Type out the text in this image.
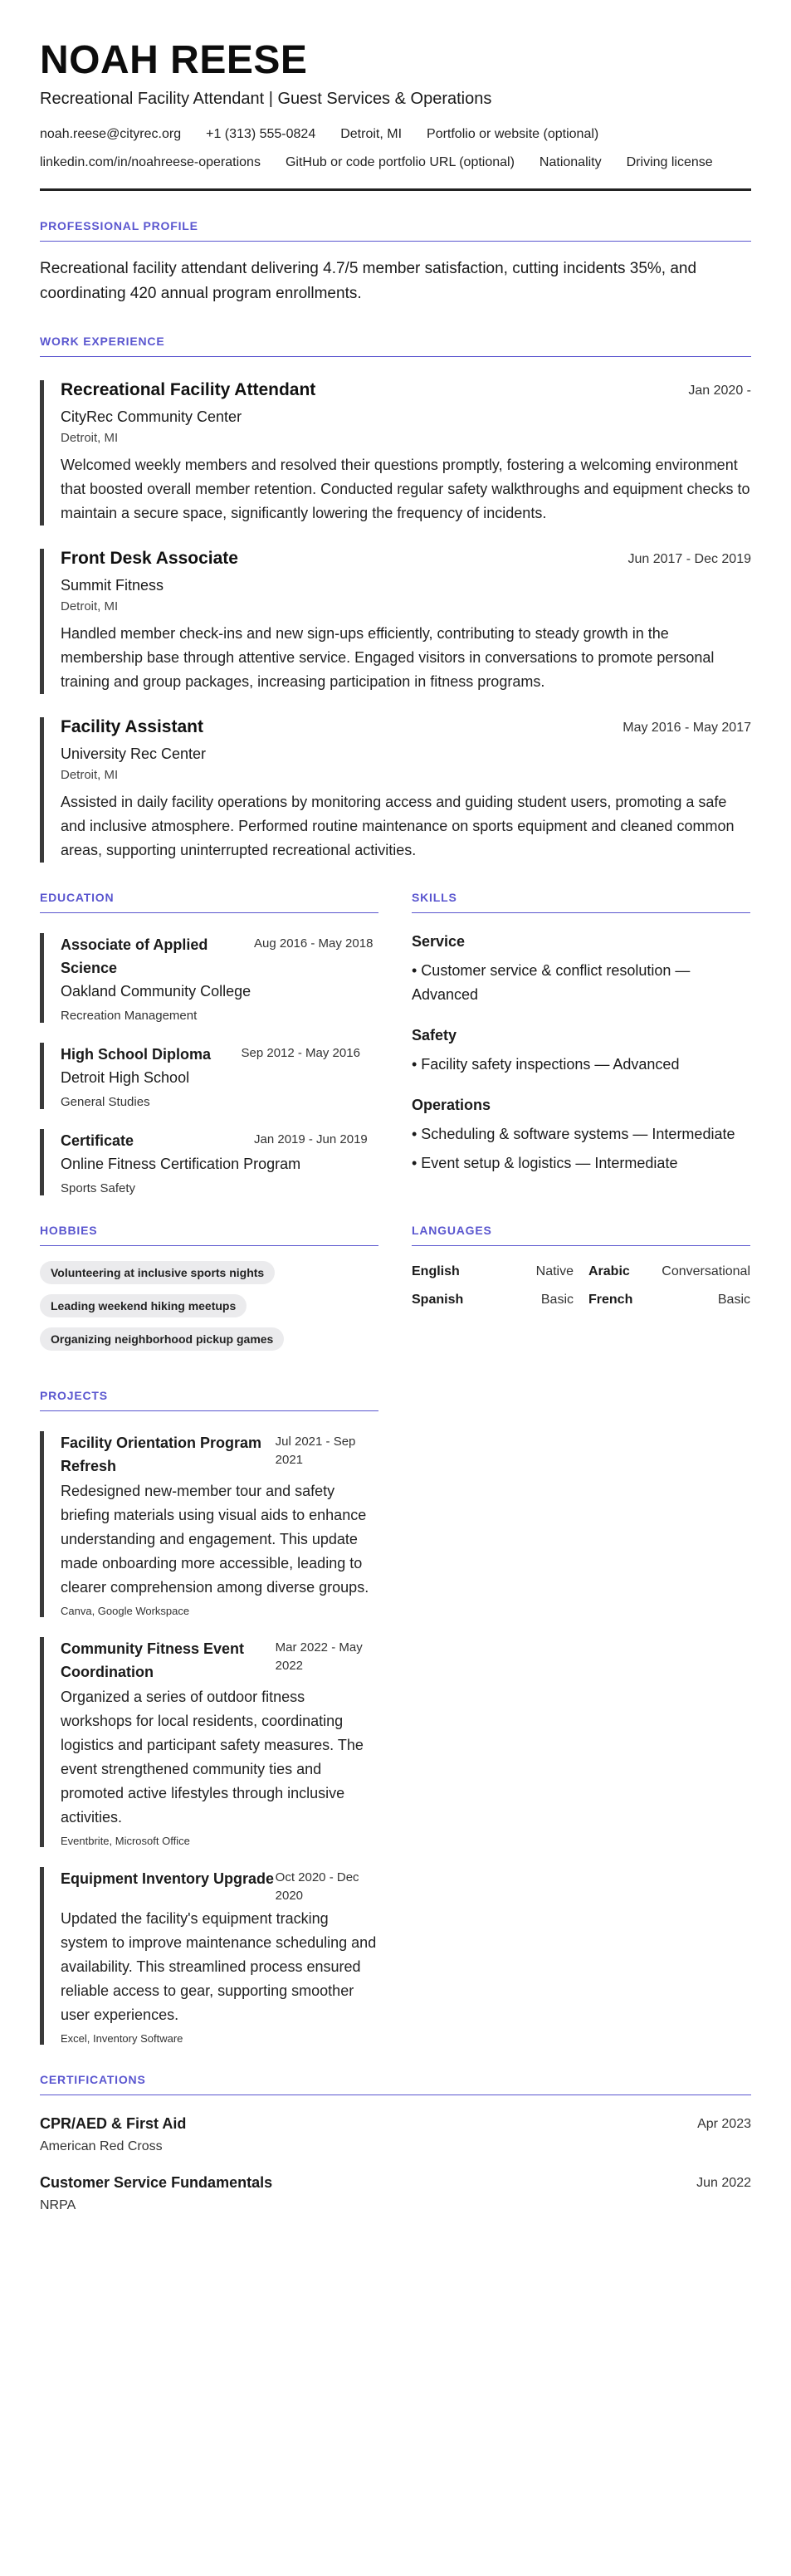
NOAH REESE
Recreational Facility Attendant | Guest Services & Operations
noah.reese@cityrec.org +1 (313) 555-0824 Detroit, MI Portfolio or website (optional)
linkedin.com/in/noahreese-operations GitHub or code portfolio URL (optional) Nationality Driving license
PROFESSIONAL PROFILE

Recreational facility attendant delivering 4.7/5 member satisfaction, cutting incidents 35%, and coordinating 420 annual program enrollments.

WORK EXPERIENCE
Recreational Facility Attendant	Jan 2020 -
CityRec Community Center
Detroit, MI

Welcomed weekly members and resolved their questions promptly, fostering a welcoming environment that boosted overall member retention. Conducted regular safety walkthroughs and equipment checks to maintain a secure space, significantly lowering the frequency of incidents.

Front Desk Associate	Jun 2017 - Dec 2019
Summit Fitness
Detroit, MI

Handled member check-ins and new sign-ups efficiently, contributing to steady growth in the membership base through attentive service. Engaged visitors in conversations to promote personal training and group packages, increasing participation in fitness programs.

Facility Assistant	May 2016 - May 2017
University Rec Center
Detroit, MI

Assisted in daily facility operations by monitoring access and guiding student users, promoting a safe and inclusive atmosphere. Performed routine maintenance on sports equipment and cleaned common areas, supporting uninterrupted recreational activities.

EDUCATION
Associate of Applied Science
Aug 2016 - May 2018
Oakland Community College
Recreation Management
High School Diploma	Sep 2012 - May 2016
Detroit High School
General Studies
Certificate	Jan 2019 - Jun 2019
Online Fitness Certification Program
Sports Safety
SKILLS
Service
• Customer service & conflict resolution — Advanced
Safety
• Facility safety inspections — Advanced
Operations
• Scheduling & software systems — Intermediate
• Event setup & logistics — Intermediate
HOBBIES
Volunteering at inclusive sports nights
Leading weekend hiking meetups
Organizing neighborhood pickup games
LANGUAGES
English	Native Arabic Conversational
Spanish	Basic French	Basic
PROJECTS
Facility Orientation Program Refresh
Jul 2021 - Sep 2021

Redesigned new-member tour and safety briefing materials using visual aids to enhance understanding and engagement. This update made onboarding more accessible, leading to clearer comprehension among diverse groups.

Canva, Google Workspace
Community Fitness Event Coordination
Mar 2022 - May 2022

Organized a series of outdoor fitness workshops for local residents, coordinating logistics and participant safety measures. The event strengthened community ties and promoted active lifestyles through inclusive activities.

Eventbrite, Microsoft Office
Equipment Inventory Upgrade Oct 2020 - Dec 2020

Updated the facility's equipment tracking system to improve maintenance scheduling and availability. This streamlined process ensured reliable access to gear, supporting smoother user experiences.

Excel, Inventory Software
CERTIFICATIONS
CPR/AED & First Aid
American Red Cross
Apr 2023
Customer Service Fundamentals
NRPA
Jun 2022
